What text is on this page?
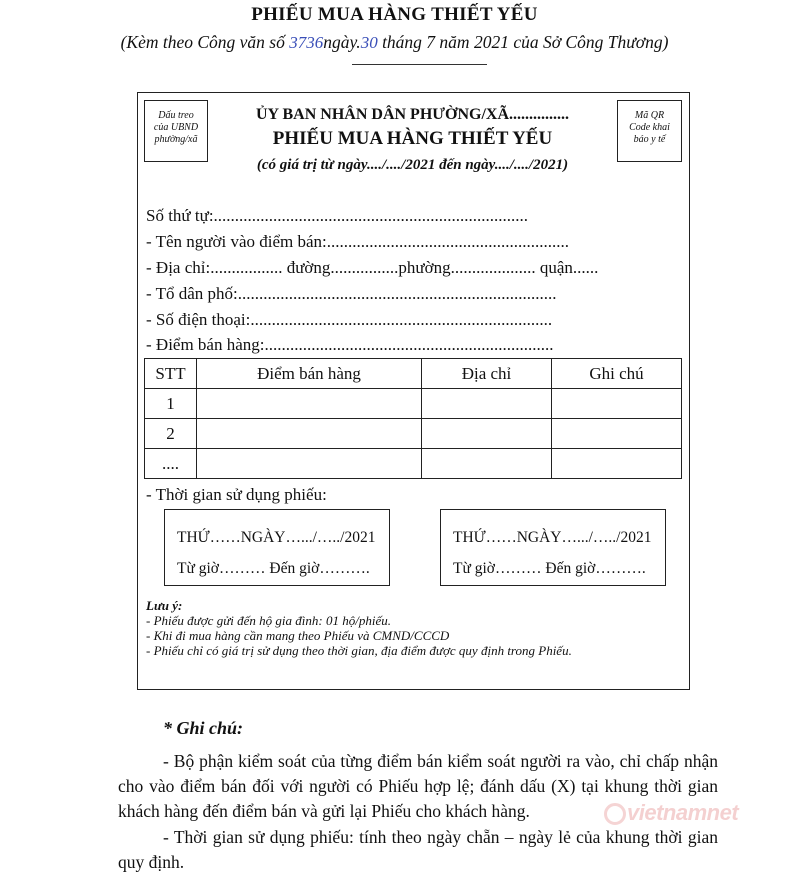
PHIẾU MUA HÀNG THIẾT YẾU
(Kèm theo Công văn số 3736ngày.30 tháng 7 năm 2021 của Sở Công Thương)
Dấu treo
của UBND
phường/xã
Mã QR
Code khai
báo y tế
ỦY BAN NHÂN DÂN PHƯỜNG/XÃ...............
PHIẾU MUA HÀNG THIẾT YẾU
(có giá trị từ ngày..../..../2021 đến ngày..../..../2021)
Số thứ tự:..........................................................................
- Tên người vào điểm bán:.........................................................
- Địa chỉ:................. đường................phường.................... quận......
- Tổ dân phố:...........................................................................
- Số điện thoại:.......................................................................
- Điểm bán hàng:....................................................................
STT	Điểm bán hàng	Địa chỉ	Ghi chú
1			
2			
....			
- Thời gian sử dụng phiếu:
THỨ……NGÀY….../…../2021
Từ giờ……… Đến giờ……….
THỨ……NGÀY….../…../2021
Từ giờ……… Đến giờ……….
Lưu ý:
- Phiếu được gửi đến hộ gia đình: 01 hộ/phiếu.
- Khi đi mua hàng cần mang theo Phiếu và CMND/CCCD
- Phiếu chỉ có giá trị sử dụng theo thời gian, địa điểm được quy định trong Phiếu.
* Ghi chú:
- Bộ phận kiểm soát của từng điểm bán kiểm soát người ra vào, chỉ chấp nhận cho vào điểm bán đối với người có Phiếu hợp lệ; đánh dấu (X) tại khung thời gian khách hàng đến điểm bán và gửi lại Phiếu cho khách hàng.
- Thời gian sử dụng phiếu: tính theo ngày chẵn – ngày lẻ của khung thời gian quy định.
vietnamnet
